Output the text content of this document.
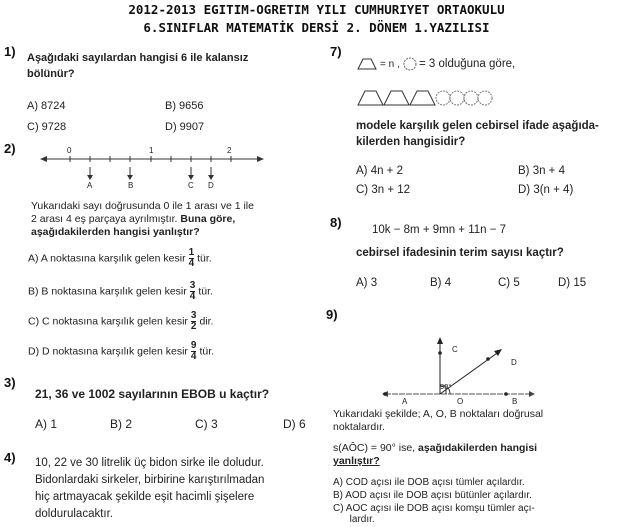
2012-2013 EGITIM-OGRETIM YILI CUMHURIYET ORTAOKULU
6.SINIFLAR MATEMATİK DERSİ 2. DÖNEM 1.YAZILISI
1) Aşağıdaki sayılardan hangisi 6 ile kalansız
bölünür?
A) 8724	B) 9656
C) 9728	D) 9907
2)	0	1	2
A	B	C D
Yukarıdaki sayı doğrusunda 0 ile 1 arası ve 1 ile
2 arası 4 eş parçaya ayrılmıştır. Buna göre,
aşağıdakilerden hangisi yanlıştır?
A) A noktasına karşılık gelen kesir $\frac{1}{4}$ tür.
B) B noktasına karşılık gelen kesir $\frac{3}{4}$ tür.
C) C noktasına karşılık gelen kesir $\frac{3}{2}$ dir.
D) D noktasına karşılık gelen kesir $\frac{9}{4}$ tür.
3)
21, 36 ve 1002 sayılarının EBOB u kaçtır?
A) 1	B) 2	C) 3	D) 6
4) 10, 22 ve 30 litrelik üç bidon sirke ile doludur.
Bidonlardaki sirkeler, birbirine karıştırılmadan
hiç artmayacak şekilde eşit hacimli şişelere
doldurulacaktır.
7)
= n , = 3 olduğuna göre,
modele karşılık gelen cebirsel ifade aşağıda-
kilerden hangisidir?
A) 4n + 2	B) 3n + 4
C) 3n + 12	D) 3(n + 4)
8)	10k − 8m + 9mn + 11n − 7
cebirsel ifadesinin terim sayısı kaçtır?
A) 3	B) 4	C) 5	D) 15
9)
C
D
90°
A	O	B
Yukarıdaki şekilde; A, O, B noktaları doğrusal
noktalardır.
s(AÔC) = 90° ise, aşağıdakilerden hangisi
yanlıştır?
A) COD açısı ile DOB açısı tümler açılardır.
B) AOD açısı ile DOB açısı bütünler açılardır.
C) AOC açısı ile DOB açısı komşu tümler açı-
lardır.
